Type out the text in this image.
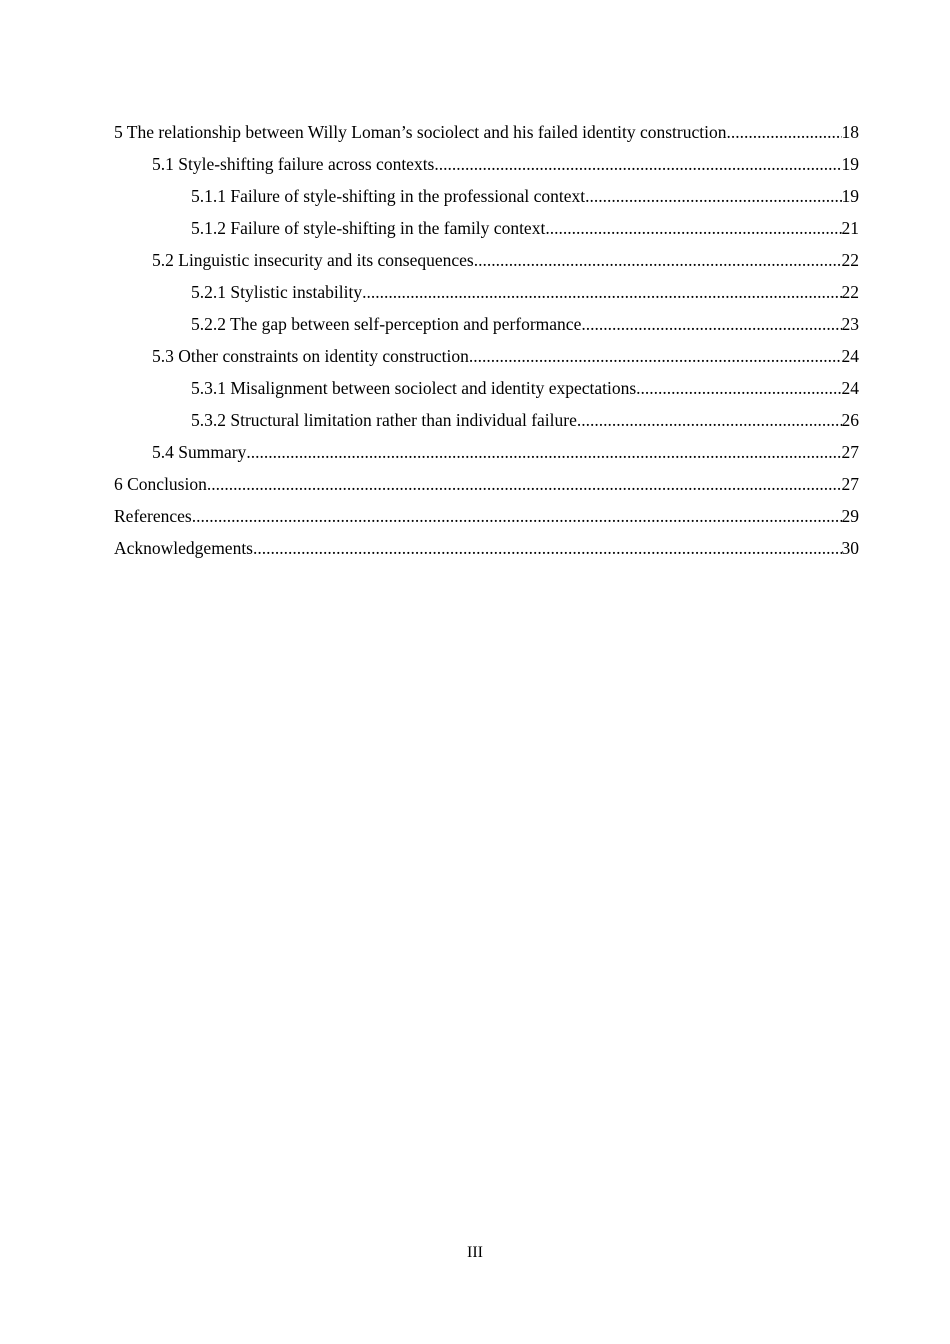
5 The relationship between Willy Loman’s sociolect and his failed identity construction .....	18
5.1 Style-shifting failure across contexts .....	19
5.1.1 Failure of style-shifting in the professional context .....	19
5.1.2 Failure of style-shifting in the family context .....	21
5.2 Linguistic insecurity and its consequences .....	22
5.2.1 Stylistic instability .....	22
5.2.2 The gap between self-perception and performance .....	23
5.3 Other constraints on identity construction .....	24
5.3.1 Misalignment between sociolect and identity expectations .....	24
5.3.2 Structural limitation rather than individual failure .....	26
5.4 Summary .....	27
6 Conclusion .....	27
References .....	29
Acknowledgements .....	30
III
